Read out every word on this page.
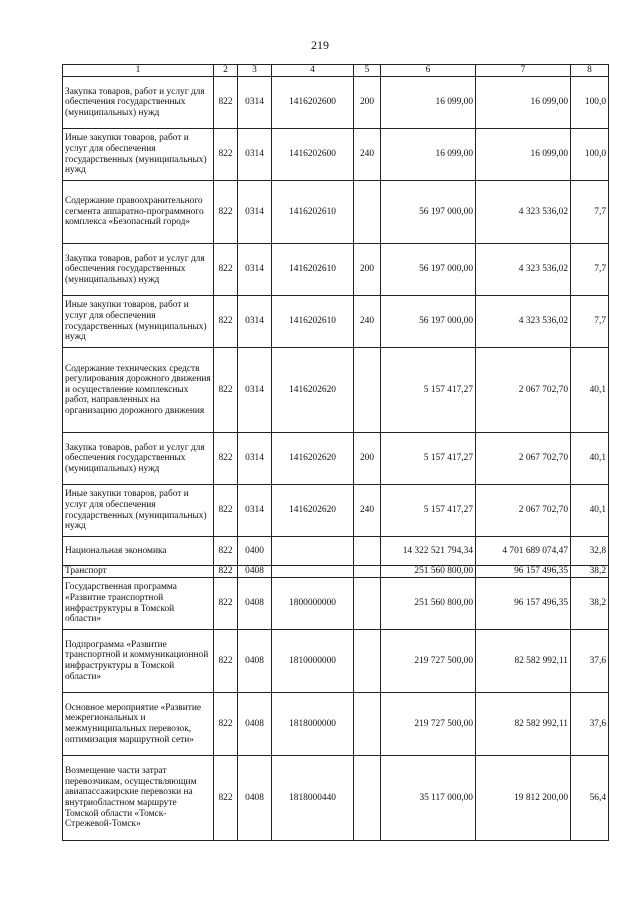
219
1	2	3	4	5	6	7	8
Закупка товаров, работ и услуг для обеспечения государственных (муниципальных) нужд	822	0314	1416202600	200	16 099,00	16 099,00	100,0
Иные закупки товаров, работ и услуг для обеспечения государственных (муниципальных) нужд	822	0314	1416202600	240	16 099,00	16 099,00	100,0
Содержание правоохранительного сегмента аппаратно-программного комплекса «Безопасный город»	822	0314	1416202610		56 197 000,00	4 323 536,02	7,7
Закупка товаров, работ и услуг для обеспечения государственных (муниципальных) нужд	822	0314	1416202610	200	56 197 000,00	4 323 536,02	7,7
Иные закупки товаров, работ и услуг для обеспечения государственных (муниципальных) нужд	822	0314	1416202610	240	56 197 000,00	4 323 536,02	7,7
Содержание технических средств регулирования дорожного движения и осуществление комплексных работ, направленных на организацию дорожного движения	822	0314	1416202620		5 157 417,27	2 067 702,70	40,1
Закупка товаров, работ и услуг для обеспечения государственных (муниципальных) нужд	822	0314	1416202620	200	5 157 417,27	2 067 702,70	40,1
Иные закупки товаров, работ и услуг для обеспечения государственных (муниципальных) нужд	822	0314	1416202620	240	5 157 417,27	2 067 702,70	40,1
Национальная экономика	822	0400			14 322 521 794,34	4 701 689 074,47	32,8
Транспорт	822	0408			251 560 800,00	96 157 496,35	38,2
Государственная программа «Развитие транспортной инфраструктуры в Томской области»	822	0408	1800000000		251 560 800,00	96 157 496,35	38,2
Подпрограмма «Развитие транспортной и коммуникационной инфраструктуры в Томской области»	822	0408	1810000000		219 727 500,00	82 582 992,11	37,6
Основное мероприятие «Развитие межрегиональных и межмуниципальных перевозок, оптимизация маршрутной сети»	822	0408	1818000000		219 727 500,00	82 582 992,11	37,6
Возмещение части затрат перевозчикам, осуществляющим авиапассажирские перевозки на внутриобластном маршруте Томской области «Томск-Стрежевой-Томск»	822	0408	1818000440		35 117 000,00	19 812 200,00	56,4
